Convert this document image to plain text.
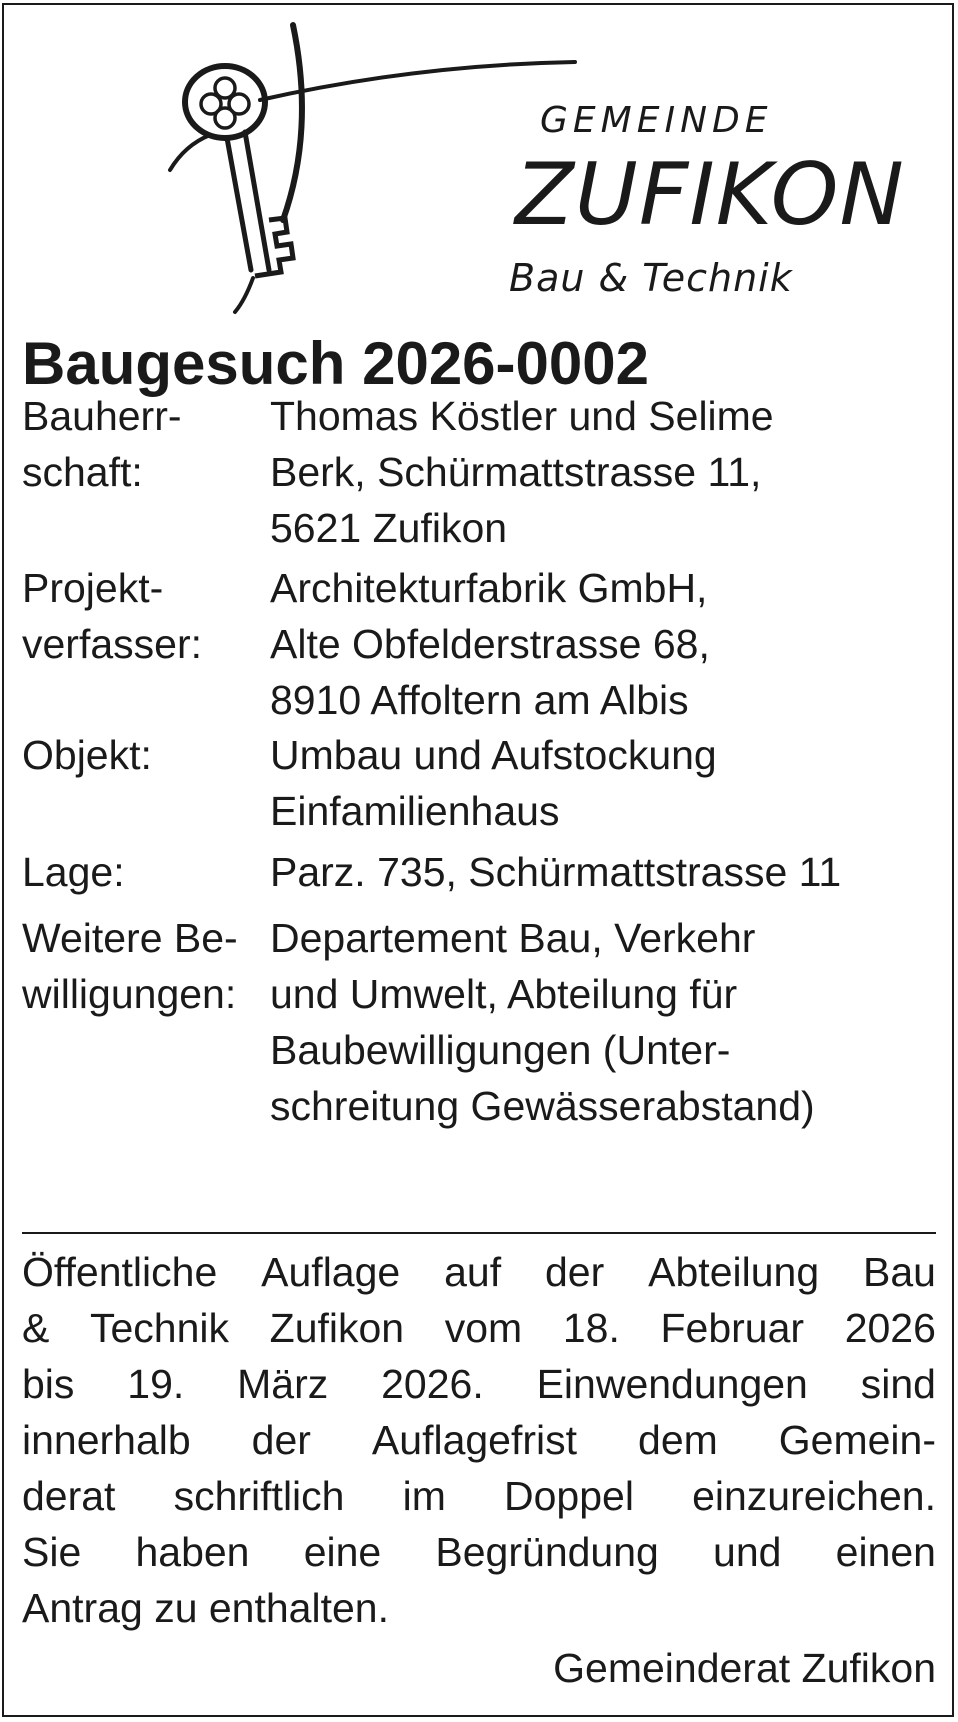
GEMEINDE
ZUFIKON
Bau & Technik
Baugesuch 2026-0002
Bauherr-
schaft:
Thomas Köstler und Selime
Berk, Schürmattstrasse 11,
5621 Zufikon
Projekt-
verfasser:
Architekturfabrik GmbH,
Alte Obfelderstrasse 68,
8910 Affoltern am Albis
Objekt:	Umbau und Aufstockung
Einfamilienhaus
Lage:	Parz. 735, Schürmattstrasse 11
Weitere Be-
willigungen:
Departement Bau, Verkehr
und Umwelt, Abteilung für
Baubewilligungen (Unter-
schreitung Gewässerabstand)
Öffentliche Auflage auf der Abteilung Bau
& Technik Zufikon vom 18. Februar 2026
bis 19. März 2026. Einwendungen sind
innerhalb der Auflagefrist dem Gemein-
derat schriftlich im Doppel einzureichen.
Sie haben eine Begründung und einen
Antrag zu enthalten.
Gemeinderat Zufikon
